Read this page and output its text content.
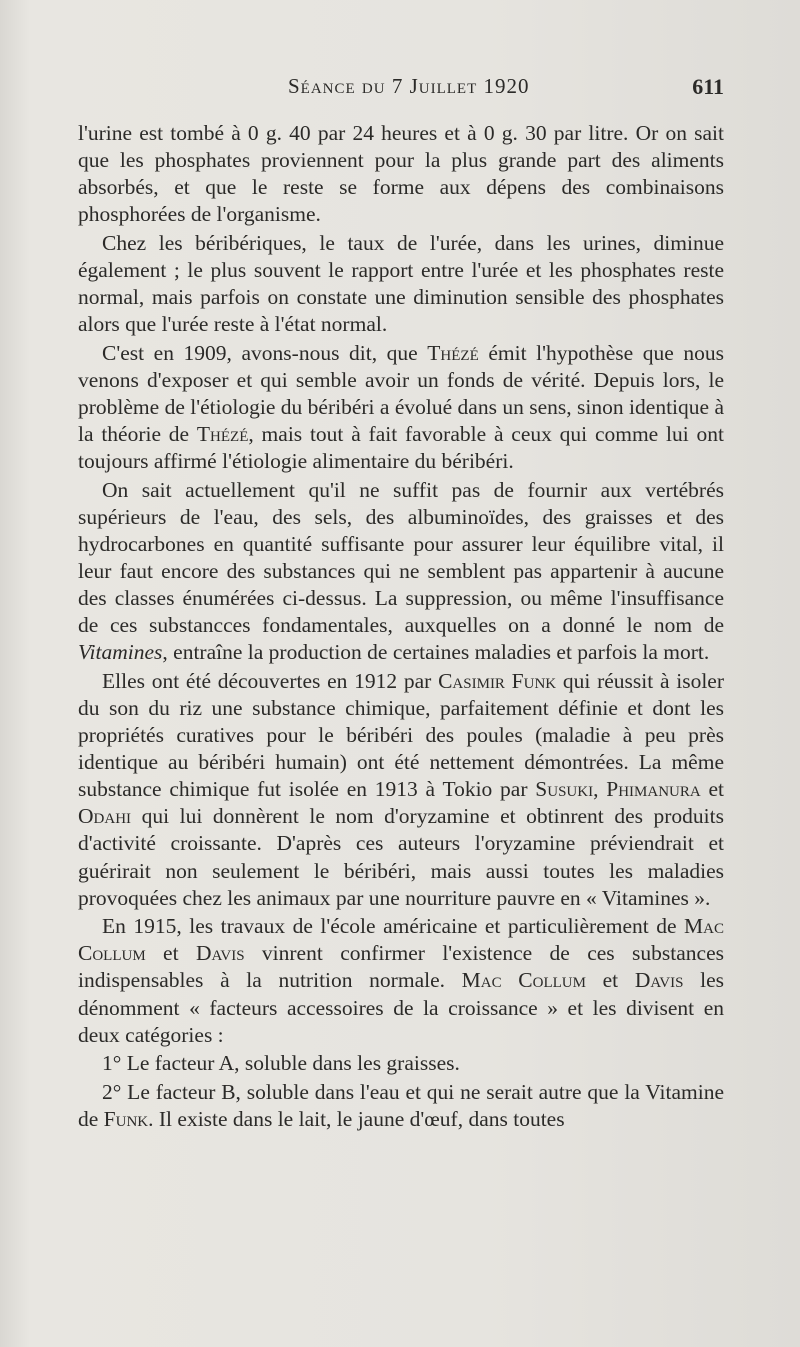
Séance du 7 Juillet 1920	611

l'urine est tombé à 0 g. 40 par 24 heures et à 0 g. 30 par litre. Or on sait que les phosphates proviennent pour la plus grande part des aliments absorbés, et que le reste se forme aux dépens des combinaisons phosphorées de l'organisme.

Chez les béribériques, le taux de l'urée, dans les urines, diminue également ; le plus souvent le rapport entre l'urée et les phosphates reste normal, mais parfois on constate une diminution sensible des phosphates alors que l'urée reste à l'état normal.

C'est en 1909, avons-nous dit, que Thézé émit l'hypothèse que nous venons d'exposer et qui semble avoir un fonds de vérité. Depuis lors, le problème de l'étiologie du béribéri a évolué dans un sens, sinon identique à la théorie de Thézé, mais tout à fait favorable à ceux qui comme lui ont toujours affirmé l'étiologie alimentaire du béribéri.

On sait actuellement qu'il ne suffit pas de fournir aux vertébrés supérieurs de l'eau, des sels, des albuminoïdes, des graisses et des hydrocarbones en quantité suffisante pour assurer leur équilibre vital, il leur faut encore des substances qui ne semblent pas appartenir à aucune des classes énumérées ci-dessus. La suppression, ou même l'insuffisance de ces substancces fondamentales, auxquelles on a donné le nom de Vitamines, entraîne la production de certaines maladies et parfois la mort.

Elles ont été découvertes en 1912 par Casimir Funk qui réussit à isoler du son du riz une substance chimique, parfaitement définie et dont les propriétés curatives pour le béribéri des poules (maladie à peu près identique au béribéri humain) ont été nettement démontrées. La même substance chimique fut isolée en 1913 à Tokio par Susuki, Phimanura et Odahi qui lui donnèrent le nom d'oryzamine et obtinrent des produits d'activité croissante. D'après ces auteurs l'oryzamine préviendrait et guérirait non seulement le béribéri, mais aussi toutes les maladies provoquées chez les animaux par une nourriture pauvre en « Vitamines ».

En 1915, les travaux de l'école américaine et particulièrement de Mac Collum et Davis vinrent confirmer l'existence de ces substances indispensables à la nutrition normale. Mac Collum et Davis les dénomment « facteurs accessoires de la croissance » et les divisent en deux catégories :

1° Le facteur A, soluble dans les graisses.

2° Le facteur B, soluble dans l'eau et qui ne serait autre que la Vitamine de Funk. Il existe dans le lait, le jaune d'œuf, dans toutes
